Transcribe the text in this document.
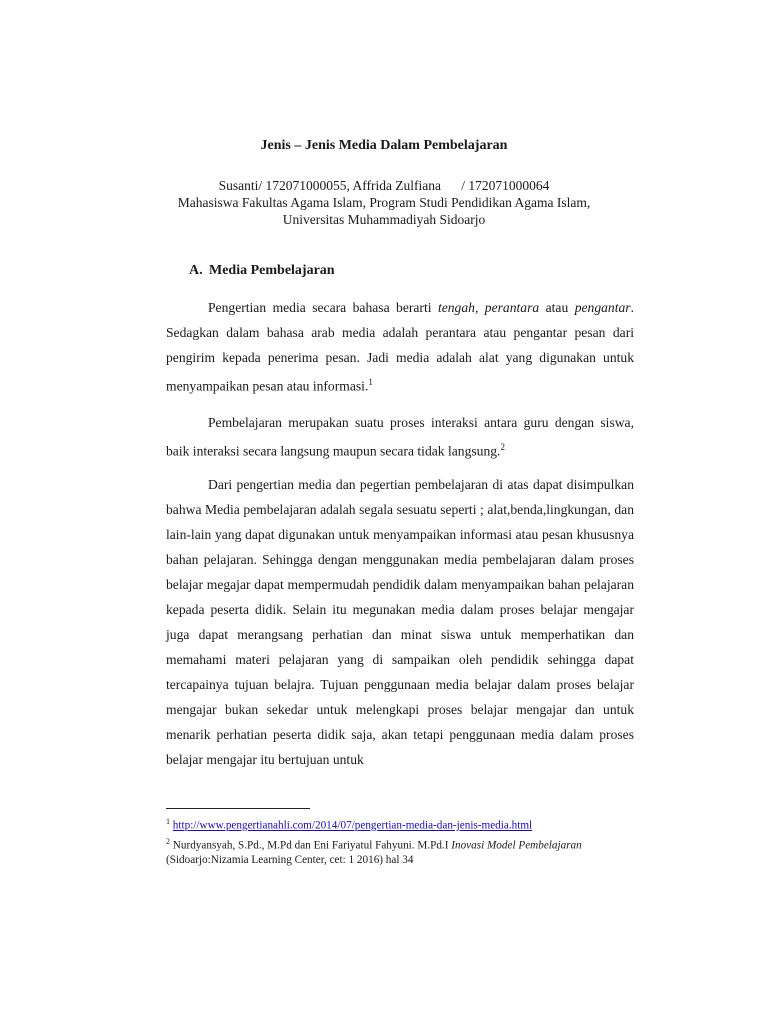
Jenis – Jenis Media Dalam Pembelajaran
Susanti/ 172071000055, Affrida Zulfiana      / 172071000064
Mahasiswa Fakultas Agama Islam, Program Studi Pendidikan Agama Islam,
Universitas Muhammadiyah Sidoarjo
A. Media Pembelajaran

Pengertian media secara bahasa berarti tengah, perantara atau pengantar. Sedagkan dalam bahasa arab media adalah perantara atau pengantar pesan dari pengirim kepada penerima pesan. Jadi media adalah alat yang digunakan untuk menyampaikan pesan atau informasi.$^1$

Pembelajaran merupakan suatu proses interaksi antara guru dengan siswa, baik interaksi secara langsung maupun secara tidak langsung.$^2$

Dari pengertian media dan pegertian pembelajaran di atas dapat disimpulkan bahwa Media pembelajaran adalah segala sesuatu seperti ; alat,benda,lingkungan, dan lain-lain yang dapat digunakan untuk menyampaikan informasi atau pesan khususnya bahan pelajaran. Sehingga dengan menggunakan media pembelajaran dalam proses belajar megajar dapat mempermudah pendidik dalam menyampaikan bahan pelajaran kepada peserta didik. Selain itu megunakan media dalam proses belajar mengajar juga dapat merangsang perhatian dan minat siswa untuk memperhatikan dan memahami materi pelajaran yang di sampaikan oleh pendidik sehingga dapat tercapainya tujuan belajra. Tujuan penggunaan media belajar dalam proses belajar mengajar bukan sekedar untuk melengkapi proses belajar mengajar dan untuk menarik perhatian peserta didik saja, akan tetapi penggunaan media dalam proses belajar mengajar itu bertujuan untuk

$^1$ http://www.pengertianahli.com/2014/07/pengertian-media-dan-jenis-media.html
$^2$ Nurdyansyah, S.Pd., M.Pd dan Eni Fariyatul Fahyuni. M.Pd.I Inovasi Model Pembelajaran
(Sidoarjo:Nizamia Learning Center, cet: 1 2016) hal 34
